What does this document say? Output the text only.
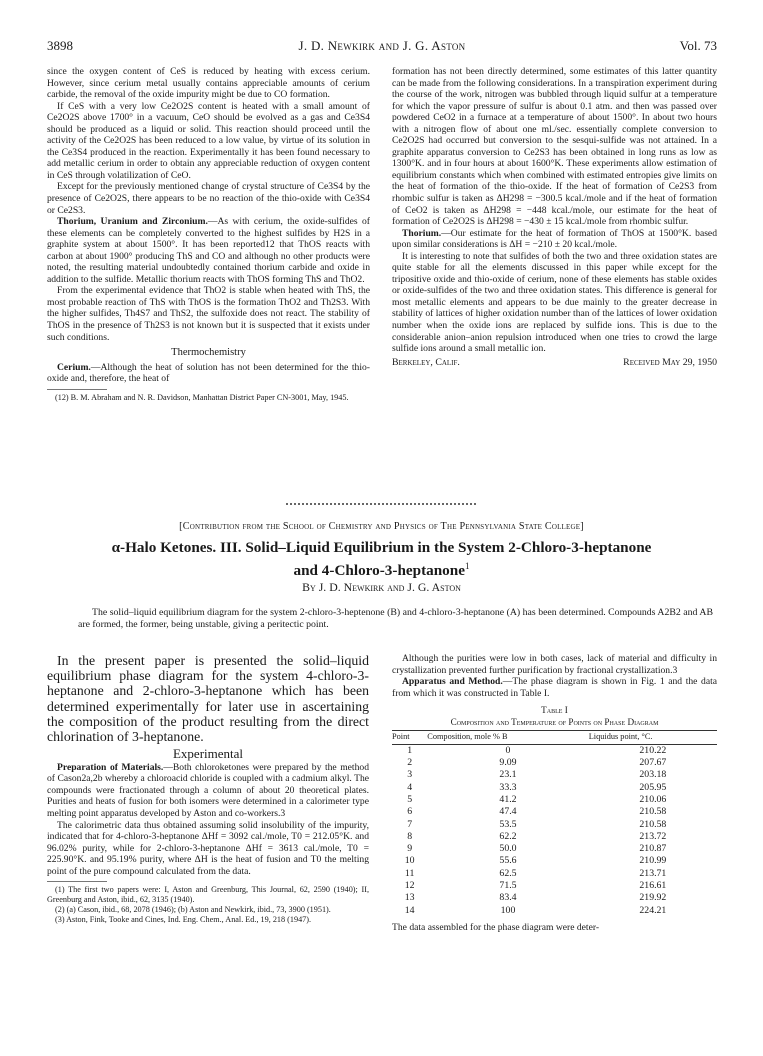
3898	J. D. Newkirk and J. G. Aston	Vol. 73

since the oxygen content of CeS is reduced by heating with excess cerium. However, since cerium metal usually contains appreciable amounts of cerium carbide, the removal of the oxide impurity might be due to CO formation.

If CeS with a very low Ce2O2S content is heated with a small amount of Ce2O2S above 1700° in a vacuum, CeO should be evolved as a gas and Ce3S4 should be produced as a liquid or solid. This reaction should proceed until the activity of the Ce2O2S has been reduced to a low value, by virtue of its solution in the Ce3S4 produced in the reaction. Experimentally it has been found necessary to add metallic cerium in order to obtain any appreciable reduction of oxygen content in CeS through volatilization of CeO.

Except for the previously mentioned change of crystal structure of Ce3S4 by the presence of Ce2O2S, there appears to be no reaction of the thio-oxide with Ce3S4 or Ce2S3.

Thorium, Uranium and Zirconium.—As with cerium, the oxide-sulfides of these elements can be completely converted to the highest sulfides by H2S in a graphite system at about 1500°. It has been reported12 that ThOS reacts with carbon at about 1900° producing ThS and CO and although no other products were noted, the resulting material undoubtedly contained thorium carbide and oxide in addition to the sulfide. Metallic thorium reacts with ThOS forming ThS and ThO2.

From the experimental evidence that ThO2 is stable when heated with ThS, the most probable reaction of ThS with ThOS is the formation ThO2 and Th2S3. With the higher sulfides, Th4S7 and ThS2, the sulfoxide does not react. The stability of ThOS in the presence of Th2S3 is not known but it is suspected that it exists under such conditions.

Thermochemistry

Cerium.—Although the heat of solution has not been determined for the thio-oxide and, therefore, the heat of

(12) B. M. Abraham and N. R. Davidson, Manhattan District Paper CN-3001, May, 1945.

formation has not been directly determined, some estimates of this latter quantity can be made from the following considerations. In a transpiration experiment during the course of the work, nitrogen was bubbled through liquid sulfur at a temperature for which the vapor pressure of sulfur is about 0.1 atm. and then was passed over powdered CeO2 in a furnace at a temperature of about 1500°. In about two hours with a nitrogen flow of about one ml./sec. essentially complete conversion to Ce2O2S had occurred but conversion to the sesqui-sulfide was not attained. In a graphite apparatus conversion to Ce2S3 has been obtained in long runs as low as 1300°K. and in four hours at about 1600°K. These experiments allow estimation of equilibrium constants which when combined with estimated entropies give limits on the heat of formation of the thio-oxide. If the heat of formation of Ce2S3 from rhombic sulfur is taken as ΔH298 = −300.5 kcal./mole and if the heat of formation of CeO2 is taken as ΔH298 = −448 kcal./mole, our estimate for the heat of formation of Ce2O2S is ΔH298 = −430 ± 15 kcal./mole from rhombic sulfur.

Thorium.—Our estimate for the heat of formation of ThOS at 1500°K. based upon similar considerations is ΔH = −210 ± 20 kcal./mole.

It is interesting to note that sulfides of both the two and three oxidation states are quite stable for all the elements discussed in this paper while except for the tripositive oxide and thio-oxide of cerium, none of these elements has stable oxides or oxide-sulfides of the two and three oxidation states. This difference is general for most metallic elements and appears to be due mainly to the greater decrease in stability of lattices of higher oxidation number than of the lattices of lower oxidation number when the oxide ions are replaced by sulfide ions. This is due to the considerable anion–anion repulsion introduced when one tries to crowd the large sulfide ions around a small metallic ion.

Berkeley, Calif.	Received May 29, 1950
[Contribution from the School of Chemistry and Physics of The Pennsylvania State College]
α-Halo Ketones. III. Solid–Liquid Equilibrium in the System 2-Chloro-3-heptanone
and 4-Chloro-3-heptanone$^1$
By J. D. Newkirk and J. G. Aston
The solid–liquid equilibrium diagram for the system 2-chloro-3-heptenone (B) and 4-chloro-3-heptanone (A) has been determined. Compounds A2B2 and AB are formed, the former, being unstable, giving a peritectic point.

In the present paper is presented the solid–liquid equilibrium phase diagram for the system 4-chloro-3-heptanone and 2-chloro-3-heptanone which has been determined experimentally for later use in ascertaining the composition of the product resulting from the direct chlorination of 3-heptanone.

Experimental

Preparation of Materials.—Both chloroketones were prepared by the method of Cason2a,2b whereby a chloroacid chloride is coupled with a cadmium alkyl. The compounds were fractionated through a column of about 20 theoretical plates. Purities and heats of fusion for both isomers were determined in a calorimeter type melting point apparatus developed by Aston and co-workers.3

The calorimetric data thus obtained assuming solid insolubility of the impurity, indicated that for 4-chloro-3-heptanone ΔHf = 3092 cal./mole, T0 = 212.05°K. and 96.02% purity, while for 2-chloro-3-heptanone ΔHf = 3613 cal./mole, T0 = 225.90°K. and 95.19% purity, where ΔH is the heat of fusion and T0 the melting point of the pure compound calculated from the data.

(1) The first two papers were: I, Aston and Greenburg, This Journal, 62, 2590 (1940); II, Greenburg and Aston, ibid., 62, 3135 (1940).

(2) (a) Cason, ibid., 68, 2078 (1946); (b) Aston and Newkirk, ibid., 73, 3900 (1951).

(3) Aston, Fink, Tooke and Cines, Ind. Eng. Chem., Anal. Ed., 19, 218 (1947).

Although the purities were low in both cases, lack of material and difficulty in crystallization prevented further purification by fractional crystallization.3

Apparatus and Method.—The phase diagram is shown in Fig. 1 and the data from which it was constructed in Table I.

Table I
Composition and Temperature of Points on Phase Diagram
Point	Composition, mole % B	Liquidus point, °C.
1	0	210.22
2	9.09	207.67
3	23.1	203.18
4	33.3	205.95
5	41.2	210.06
6	47.4	210.58
7	53.5	210.58
8	62.2	213.72
9	50.0	210.87
10	55.6	210.99
11	62.5	213.71
12	71.5	216.61
13	83.4	219.92
14	100	224.21

The data assembled for the phase diagram were deter-
